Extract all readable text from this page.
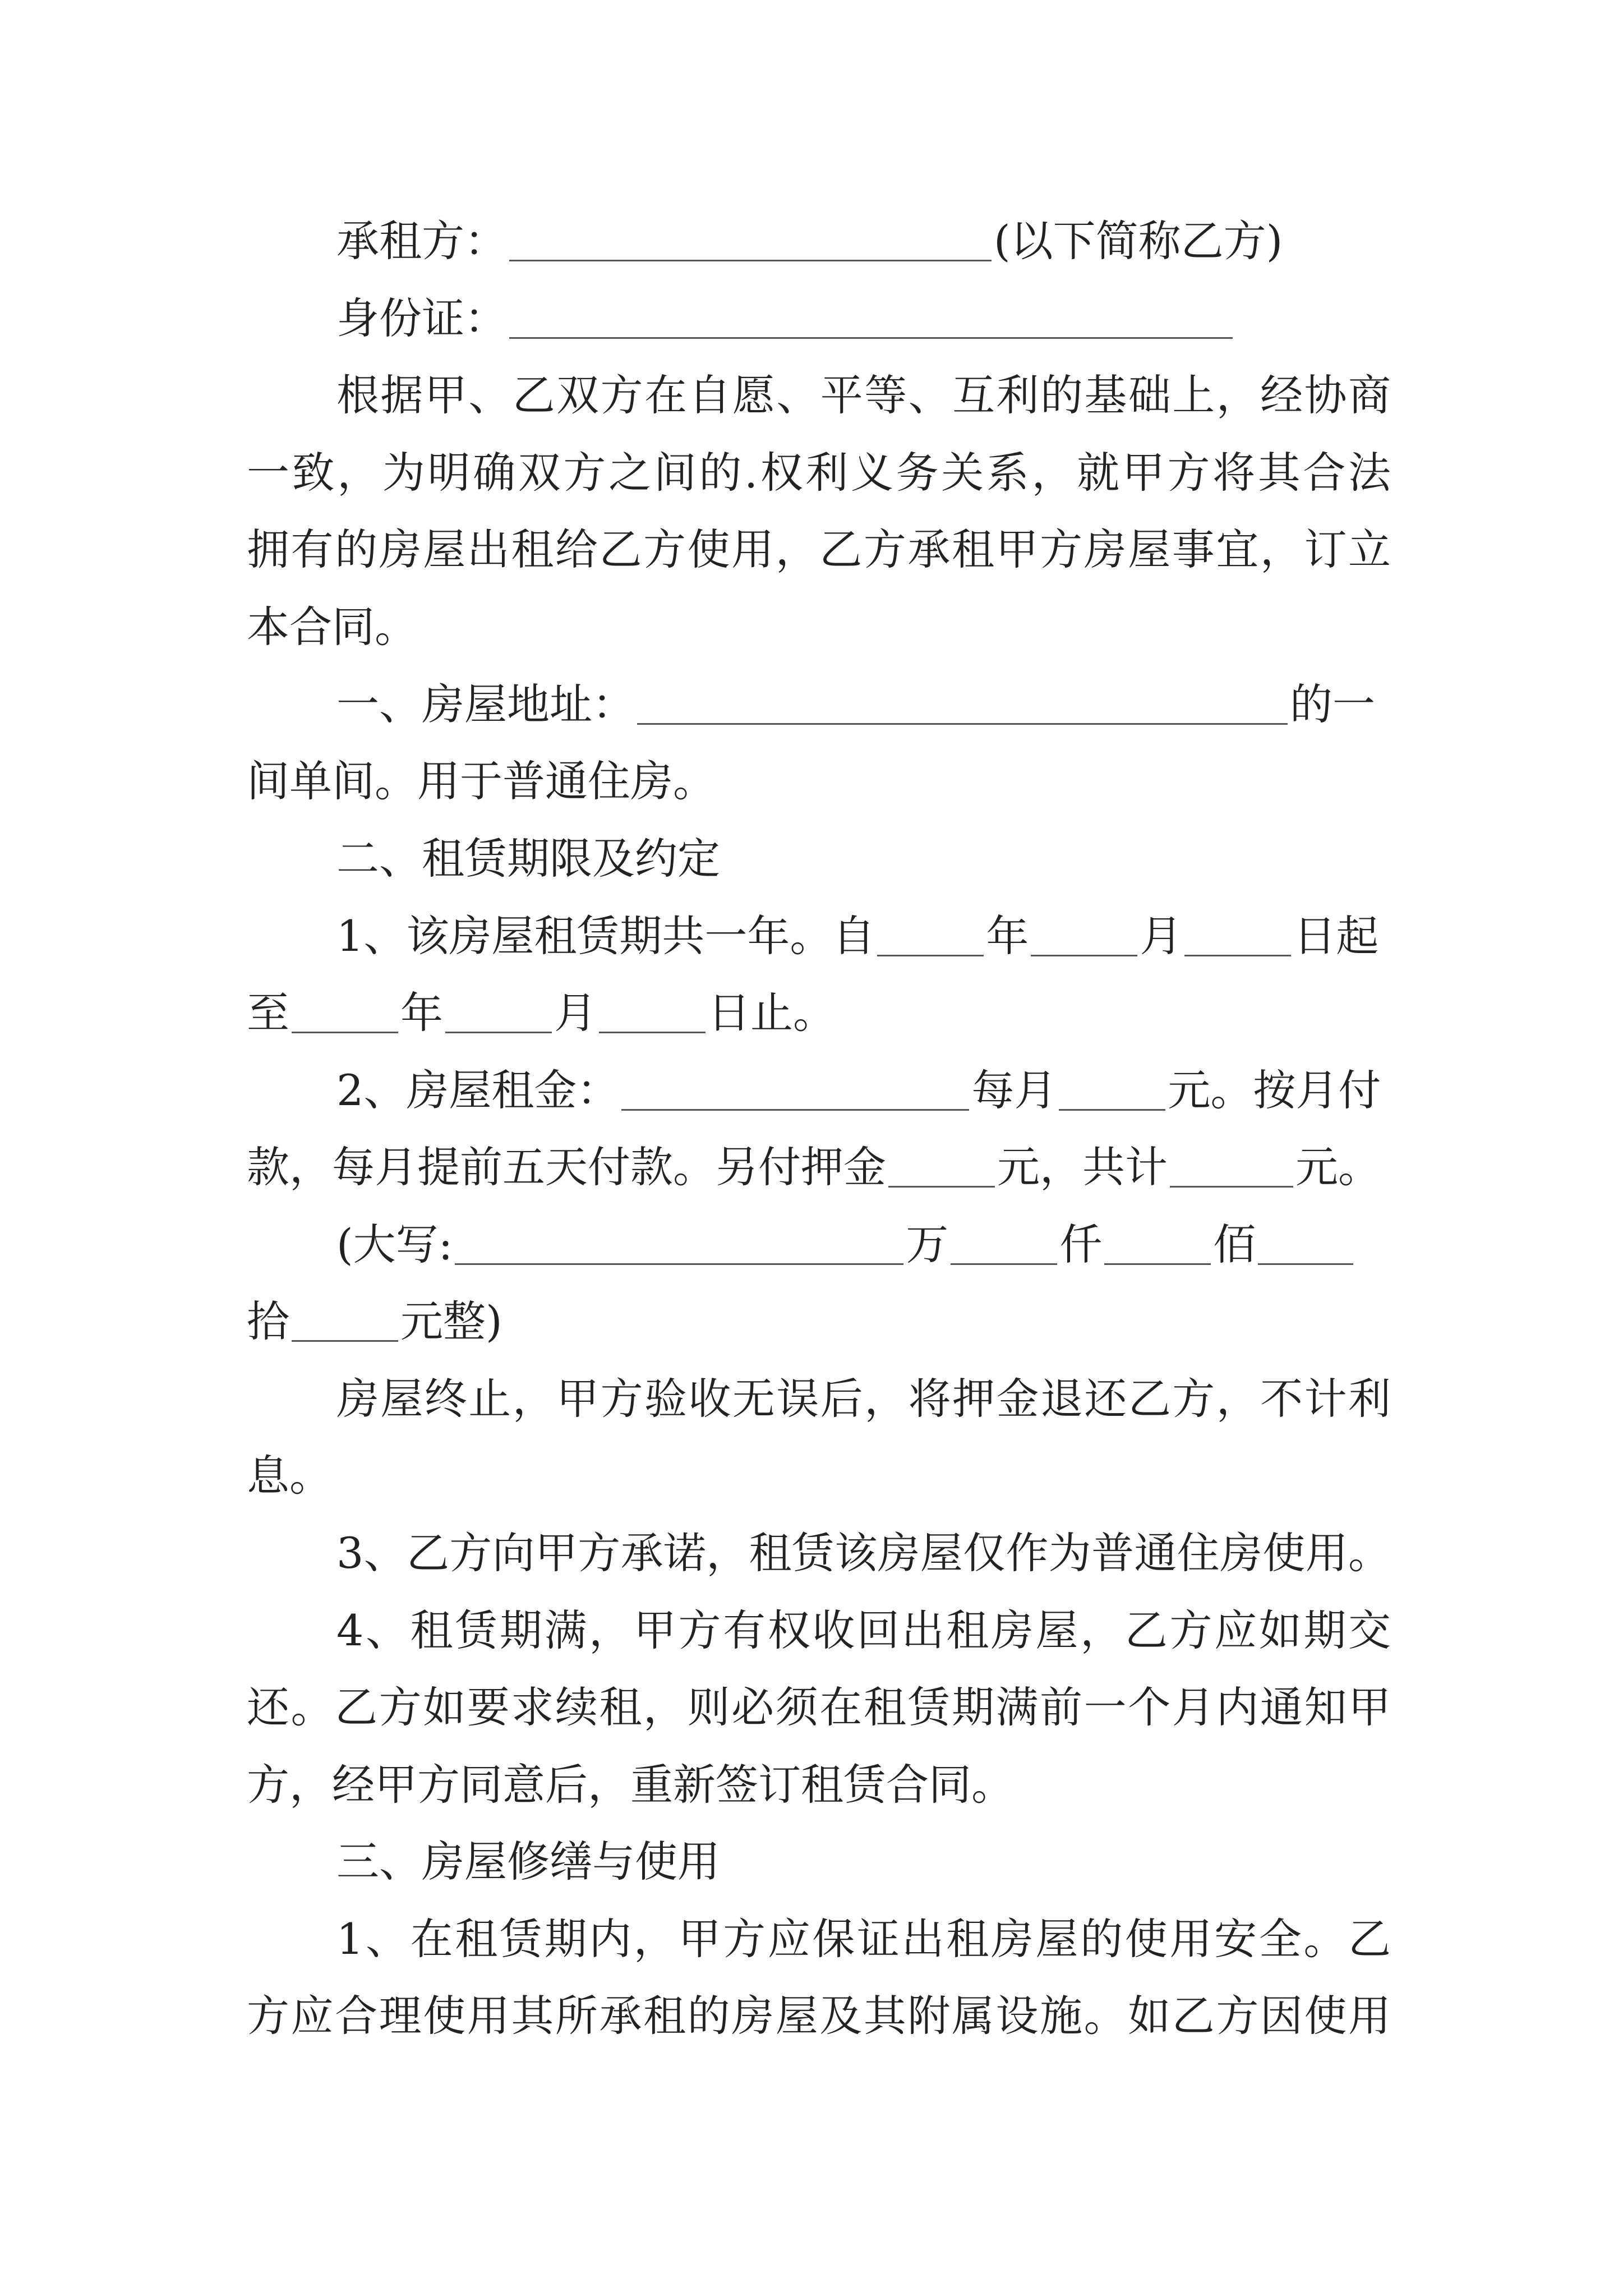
承租方：	(以下简称乙方)
身份证：
根据甲、乙双方在自愿、平等、互利的基础上，经协商
一致，为明确双方之间的.权利义务关系，就甲方将其合法
拥有的房屋出租给乙方使用，乙方承租甲方房屋事宜，订立
本合同。
一、房屋地址：	的一
间单间。用于普通住房。
二、租赁期限及约定
1、该房屋租赁期共一年。自	年	月	日起
至	年	月	日止。
2、房屋租金：	每月	元。按月付
款，每月提前五天付款。另付押金	元，共计	元。
(大写:	万	仟	佰
拾	元整)
房屋终止，甲方验收无误后，将押金退还乙方，不计利
息。
3、乙方向甲方承诺，租赁该房屋仅作为普通住房使用。
4、租赁期满，甲方有权收回出租房屋，乙方应如期交
还。乙方如要求续租，则必须在租赁期满前一个月内通知甲
方，经甲方同意后，重新签订租赁合同。
三、房屋修缮与使用
1、在租赁期内，甲方应保证出租房屋的使用安全。乙
方应合理使用其所承租的房屋及其附属设施。如乙方因使用
